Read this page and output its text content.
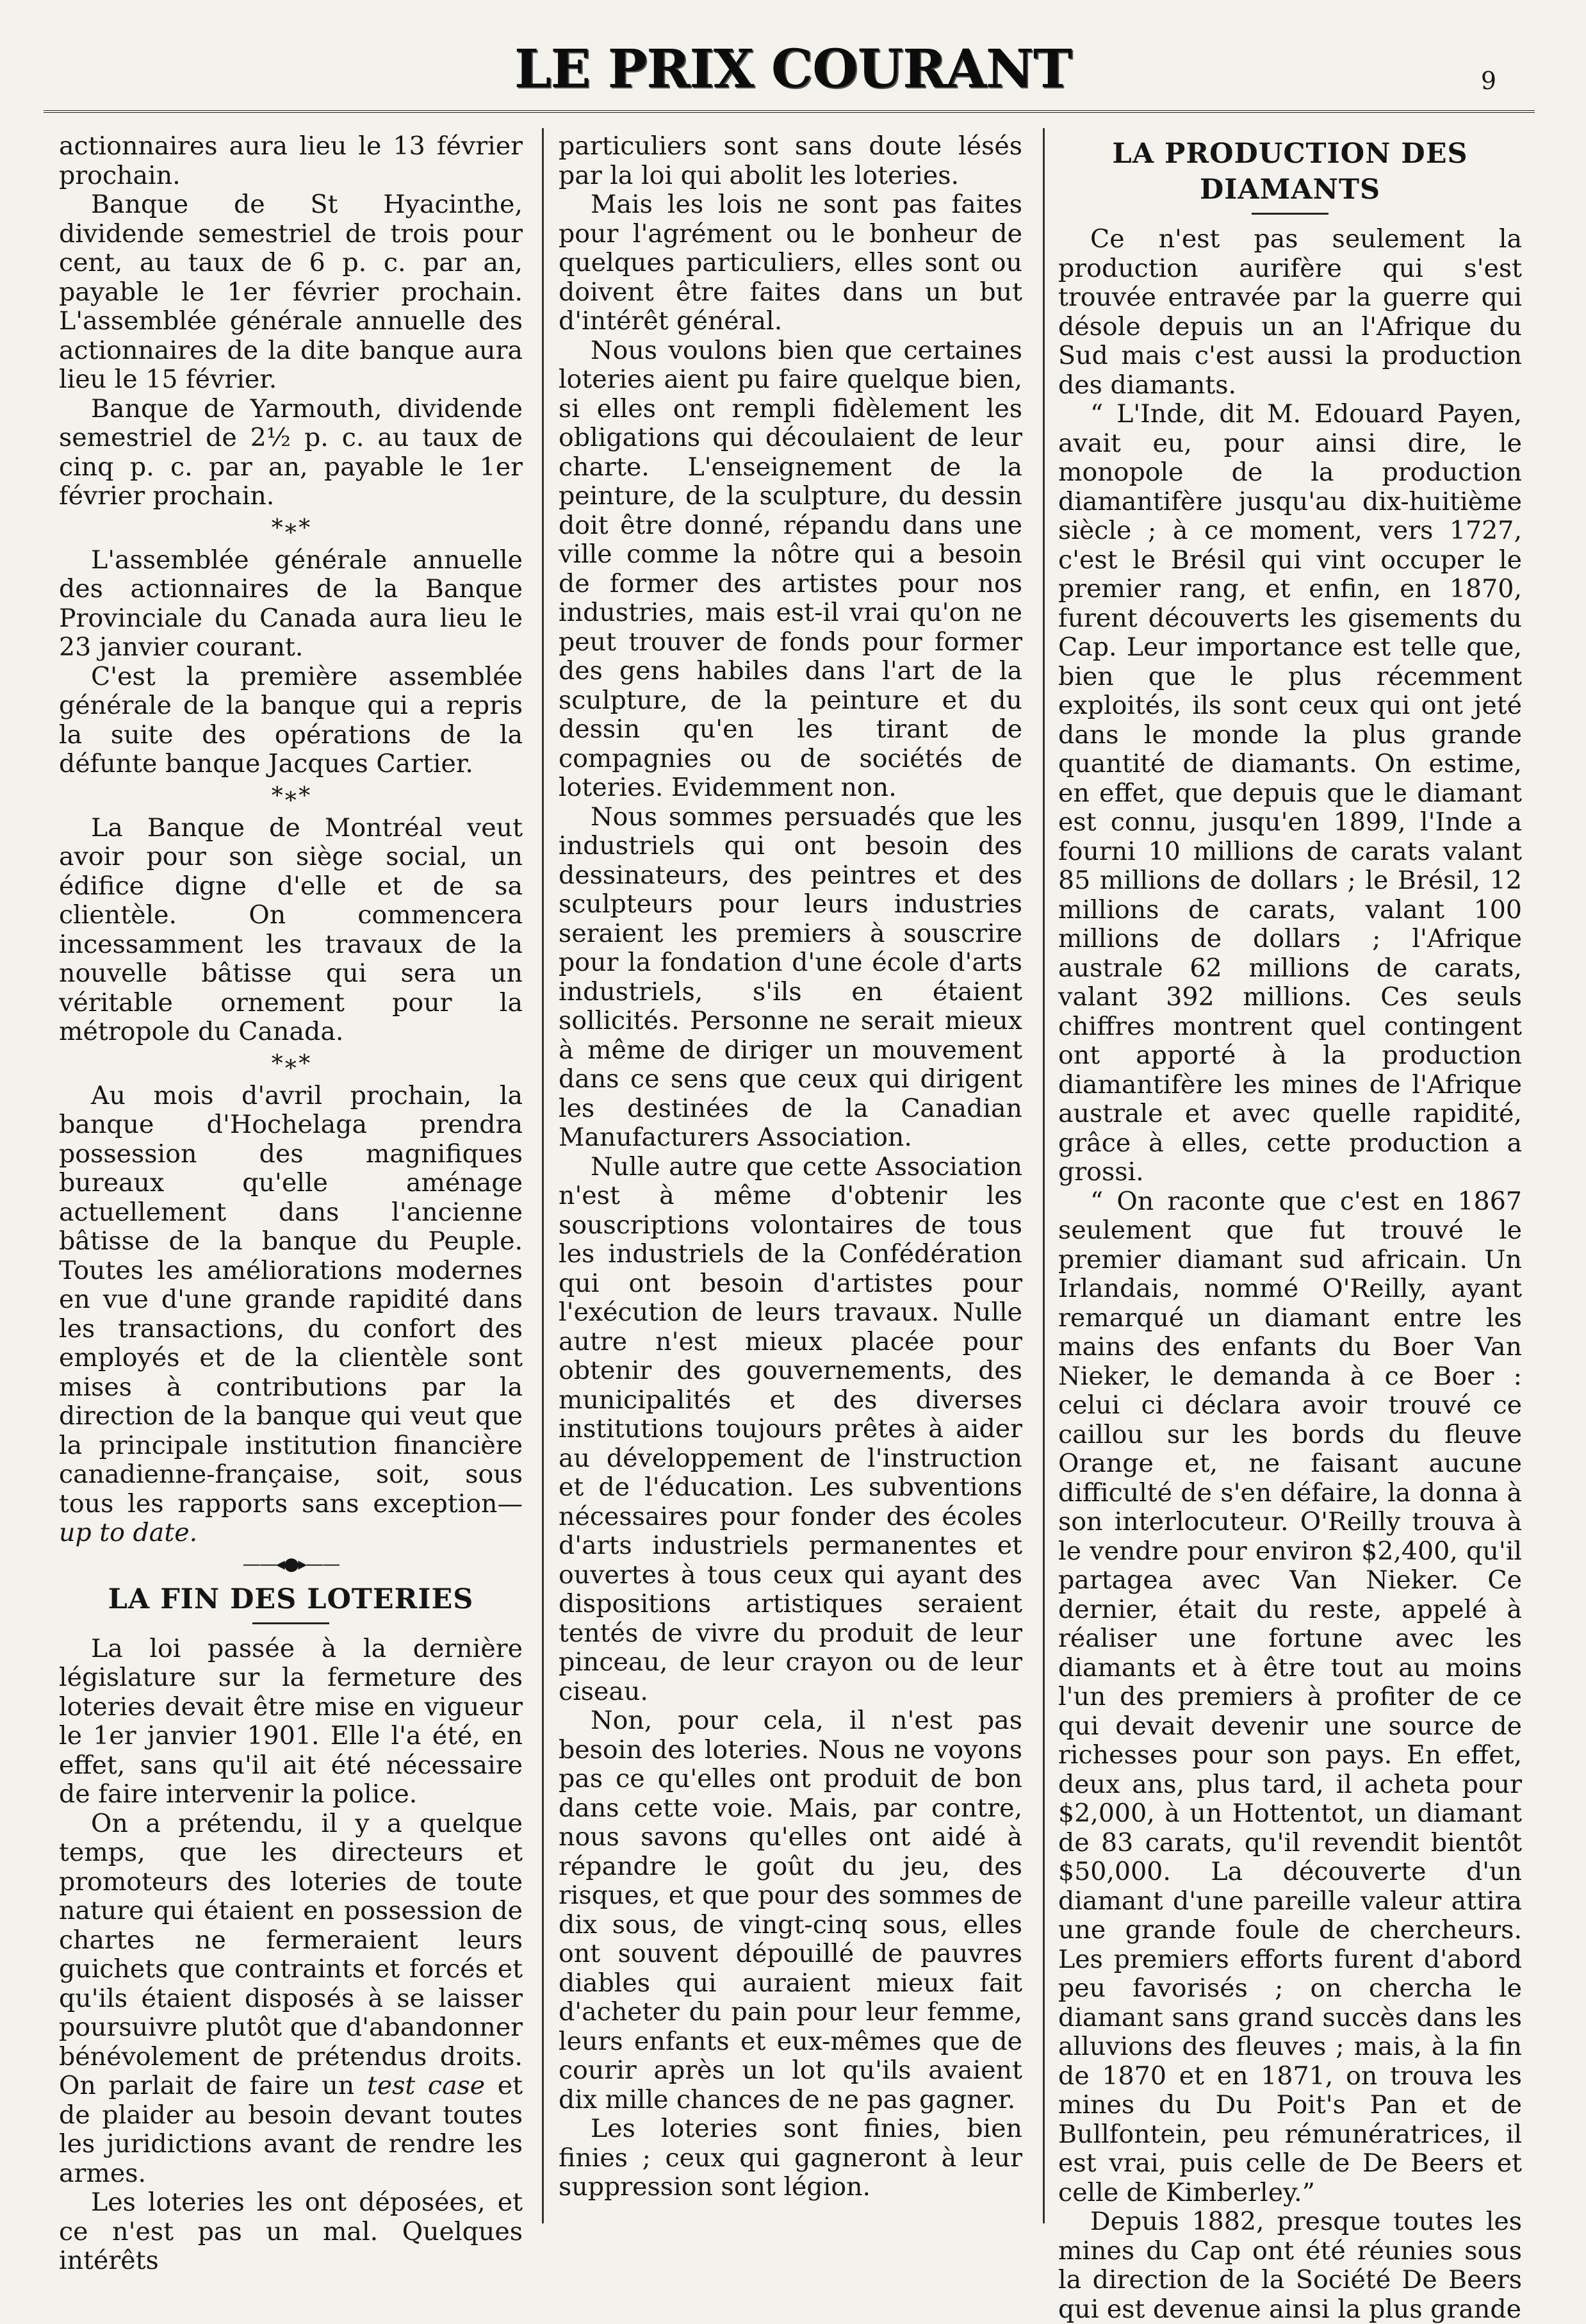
LE PRIX COURANT	9

actionnaires aura lieu le 13 février prochain.

Banque de St Hyacinthe, dividende semestriel de trois pour cent, au taux de 6 p. c. par an, payable le 1er février prochain. L'assemblée générale annuelle des actionnaires de la dite banque aura lieu le 15 février.

Banque de Yarmouth, dividende semestriel de 2½ p. c. au taux de cinq p. c. par an, payable le 1er février prochain.

*∗*

L'assemblée générale annuelle des actionnaires de la Banque Provinciale du Canada aura lieu le 23 janvier courant.

C'est la première assemblée générale de la banque qui a repris la suite des opérations de la défunte banque Jacques Cartier.

*∗*

La Banque de Montréal veut avoir pour son siège social, un édifice digne d'elle et de sa clientèle. On commencera incessamment les travaux de la nouvelle bâtisse qui sera un véritable ornement pour la métropole du Canada.

*∗*

Au mois d'avril prochain, la banque d'Hochelaga prendra possession des magnifiques bureaux qu'elle aménage actuellement dans l'ancienne bâtisse de la banque du Peuple. Toutes les améliorations modernes en vue d'une grande rapidité dans les transactions, du confort des employés et de la clientèle sont mises à contributions par la direction de la banque qui veut que la principale institution financière canadienne-française, soit, sous tous les rapports sans exception—up to date.

——◂●▸——
LA FIN DES LOTERIES

La loi passée à la dernière législature sur la fermeture des loteries devait être mise en vigueur le 1er janvier 1901. Elle l'a été, en effet, sans qu'il ait été nécessaire de faire intervenir la police.

On a prétendu, il y a quelque temps, que les directeurs et promoteurs des loteries de toute nature qui étaient en possession de chartes ne fermeraient leurs guichets que contraints et forcés et qu'ils étaient disposés à se laisser poursuivre plutôt que d'abandonner bénévolement de prétendus droits. On parlait de faire un test case et de plaider au besoin devant toutes les juridictions avant de rendre les armes.

Les loteries les ont déposées, et ce n'est pas un mal. Quelques intérêts

particuliers sont sans doute lésés par la loi qui abolit les loteries.

Mais les lois ne sont pas faites pour l'agrément ou le bonheur de quelques particuliers, elles sont ou doivent être faites dans un but d'intérêt général.

Nous voulons bien que certaines loteries aient pu faire quelque bien, si elles ont rempli fidèlement les obligations qui découlaient de leur charte. L'enseignement de la peinture, de la sculpture, du dessin doit être donné, répandu dans une ville comme la nôtre qui a besoin de former des artistes pour nos industries, mais est-il vrai qu'on ne peut trouver de fonds pour former des gens habiles dans l'art de la sculpture, de la peinture et du dessin qu'en les tirant de compagnies ou de sociétés de loteries. Evidemment non.

Nous sommes persuadés que les industriels qui ont besoin des dessinateurs, des peintres et des sculpteurs pour leurs industries seraient les premiers à souscrire pour la fondation d'une école d'arts industriels, s'ils en étaient sollicités. Personne ne serait mieux à même de diriger un mouvement dans ce sens que ceux qui dirigent les destinées de la Canadian Manufacturers Association.

Nulle autre que cette Association n'est à même d'obtenir les souscriptions volontaires de tous les industriels de la Confédération qui ont besoin d'artistes pour l'exécution de leurs travaux. Nulle autre n'est mieux placée pour obtenir des gouvernements, des municipalités et des diverses institutions toujours prêtes à aider au développement de l'instruction et de l'éducation. Les subventions nécessaires pour fonder des écoles d'arts industriels permanentes et ouvertes à tous ceux qui ayant des dispositions artistiques seraient tentés de vivre du produit de leur pinceau, de leur crayon ou de leur ciseau.

Non, pour cela, il n'est pas besoin des loteries. Nous ne voyons pas ce qu'elles ont produit de bon dans cette voie. Mais, par contre, nous savons qu'elles ont aidé à répandre le goût du jeu, des risques, et que pour des sommes de dix sous, de vingt-cinq sous, elles ont souvent dépouillé de pauvres diables qui auraient mieux fait d'acheter du pain pour leur femme, leurs enfants et eux-mêmes que de courir après un lot qu'ils avaient dix mille chances de ne pas gagner.

Les loteries sont finies, bien finies ; ceux qui gagneront à leur suppression sont légion.

LA PRODUCTION DES DIAMANTS

Ce n'est pas seulement la production aurifère qui s'est trouvée entravée par la guerre qui désole depuis un an l'Afrique du Sud mais c'est aussi la production des diamants.

“ L'Inde, dit M. Edouard Payen, avait eu, pour ainsi dire, le monopole de la production diamantifère jusqu'au dix-huitième siècle ; à ce moment, vers 1727, c'est le Brésil qui vint occuper le premier rang, et enfin, en 1870, furent découverts les gisements du Cap. Leur importance est telle que, bien que le plus récemment exploités, ils sont ceux qui ont jeté dans le monde la plus grande quantité de diamants. On estime, en effet, que depuis que le diamant est connu, jusqu'en 1899, l'Inde a fourni 10 millions de carats valant 85 millions de dollars ; le Brésil, 12 millions de carats, valant 100 millions de dollars ; l'Afrique australe 62 millions de carats, valant 392 millions. Ces seuls chiffres montrent quel contingent ont apporté à la production diamantifère les mines de l'Afrique australe et avec quelle rapidité, grâce à elles, cette production a grossi.

“ On raconte que c'est en 1867 seulement que fut trouvé le premier diamant sud africain. Un Irlandais, nommé O'Reilly, ayant remarqué un diamant entre les mains des enfants du Boer Van Nieker, le demanda à ce Boer : celui ci déclara avoir trouvé ce caillou sur les bords du fleuve Orange et, ne faisant aucune difficulté de s'en défaire, la donna à son interlocuteur. O'Reilly trouva à le vendre pour environ $2,400, qu'il partagea avec Van Nieker. Ce dernier, était du reste, appelé à réaliser une fortune avec les diamants et à être tout au moins l'un des premiers à profiter de ce qui devait devenir une source de richesses pour son pays. En effet, deux ans, plus tard, il acheta pour $2,000, à un Hottentot, un diamant de 83 carats, qu'il revendit bientôt $50,000. La découverte d'un diamant d'une pareille valeur attira une grande foule de chercheurs. Les premiers efforts furent d'abord peu favorisés ; on chercha le diamant sans grand succès dans les alluvions des fleuves ; mais, à la fin de 1870 et en 1871, on trouva les mines du Du Poit's Pan et de Bullfontein, peu rémunératrices, il est vrai, puis celle de De Beers et celle de Kimberley.”

Depuis 1882, presque toutes les mines du Cap ont été réunies sous la direction de la Société De Beers qui est devenue ainsi la plus grande
